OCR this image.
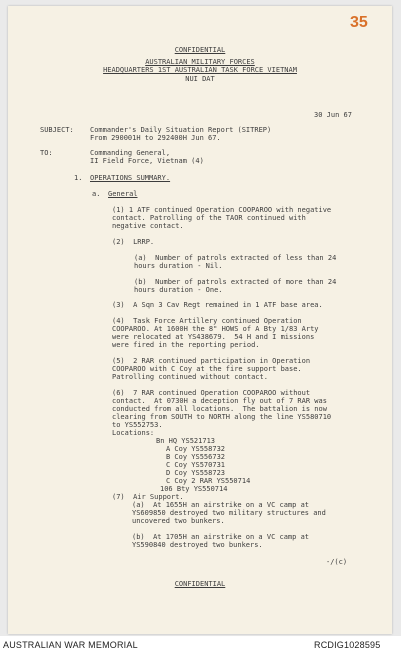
35
CONFIDENTIAL
AUSTRALIAN MILITARY FORCES
HEADQUARTERS 1ST AUSTRALIAN TASK FORCE VIETNAM
NUI DAT
30 Jun 67
SUBJECT: Commander's Daily Situation Report (SITREP)
From 290001H to 292400H Jun 67.
TO:	Commanding General,
II Field Force, Vietnam (4)
1. OPERATIONS SUMMARY.
a. General
(1) 1 ATF continued Operation COOPAROO with negative
contact. Patrolling of the TAOR continued with
negative contact.
(2)  LRRP.
(a)  Number of patrols extracted of less than 24
hours duration - Nil.
(b)  Number of patrols extracted of more than 24
hours duration - One.
(3)  A Sqn 3 Cav Regt remained in 1 ATF base area.
(4)  Task Force Artillery continued Operation
COOPAROO. At 1600H the 8" HOWS of A Bty 1/83 Arty
were relocated at YS438679.  54 H and I missions
were fired in the reporting period.
(5)  2 RAR continued participation in Operation
COOPAROO with C Coy at the fire support base.
Patrolling continued without contact.
(6)  7 RAR continued Operation COOPAROO without
contact.  At 0730H a deception fly out of 7 RAR was
conducted from all locations.  The battalion is now
clearing from SOUTH to NORTH along the line YS580710
to YS552753.
Locations:
Bn HQ YS521713
A Coy YS558732
B Coy YS556732
C Coy YS570731
D Coy YS558723
C Coy 2 RAR YS550714
106 Bty YS550714
(7)  Air Support.
(a)  At 1655H an airstrike on a VC camp at
YS609850 destroyed two military structures and
uncovered two bunkers.
(b)  At 1705H an airstrike on a VC camp at
YS590840 destroyed two bunkers.
-/(c)
CONFIDENTIAL
AUSTRALIAN WAR MEMORIAL	RCDIG1028595
